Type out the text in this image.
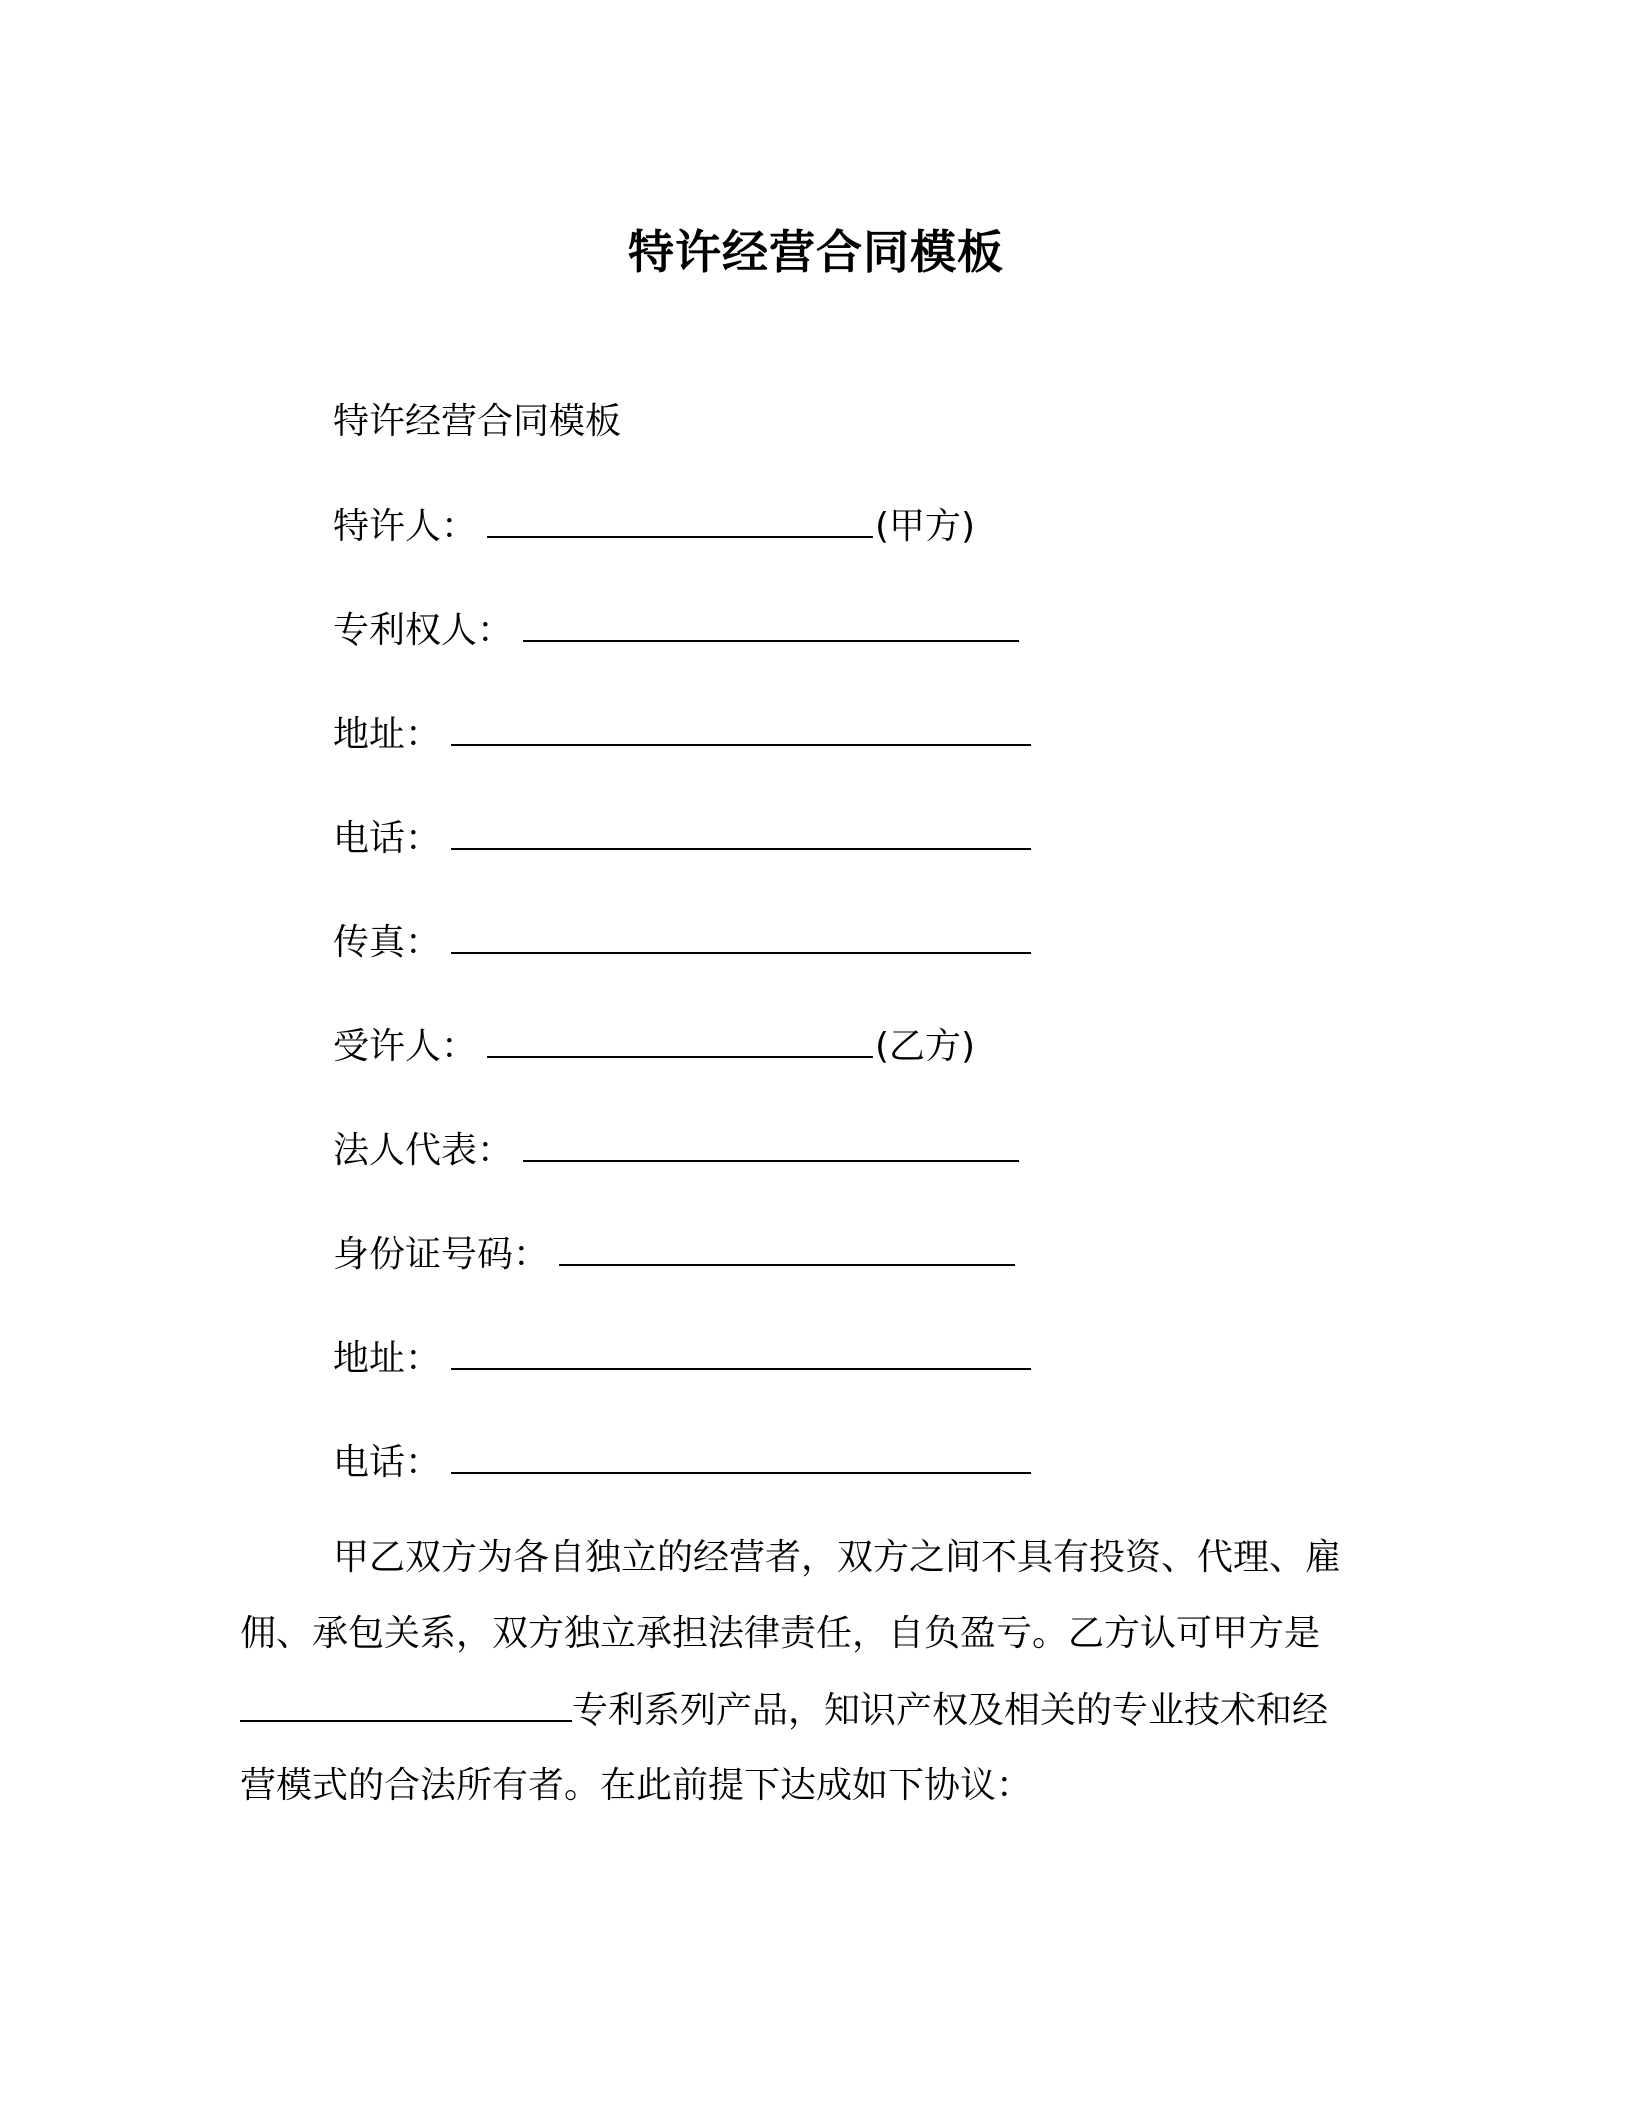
特许经营合同模板
特许经营合同模板
特许人：	(甲方)
专利权人：
地址：
电话：
传真：
受许人：	(乙方)
法人代表：
身份证号码：
地址：
电话：
甲乙双方为各自独立的经营者，双方之间不具有投资、代理、雇
佣、承包关系，双方独立承担法律责任，自负盈亏。乙方认可甲方是
专利系列产品，知识产权及相关的专业技术和经
营模式的合法所有者。在此前提下达成如下协议：
